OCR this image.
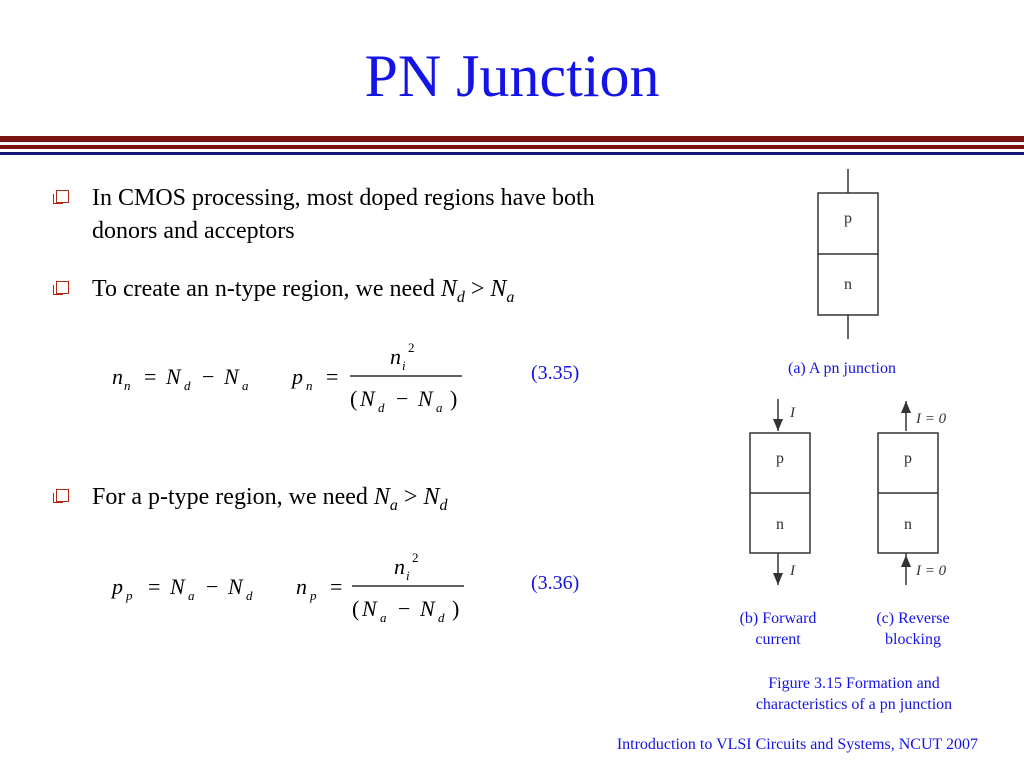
PN Junction
In CMOS processing, most doped regions have both donors and acceptors
To create an n-type region, we need $N_d > N_a$
n n = N d − N a p n =
n i
2
( N d − N a )
(3.35)
For a p-type region, we need $N_a > N_d$
p p = N a − N d n p =
n i
2
( N a − N d )
(3.36)
p
n
(a) A pn junction
I
p
n
I
I = 0
p
n
I = 0
(b) Forward
current
(c) Reverse
blocking
Figure 3.15 Formation and
characteristics of a pn junction
Introduction to VLSI Circuits and Systems, NCUT 2007
